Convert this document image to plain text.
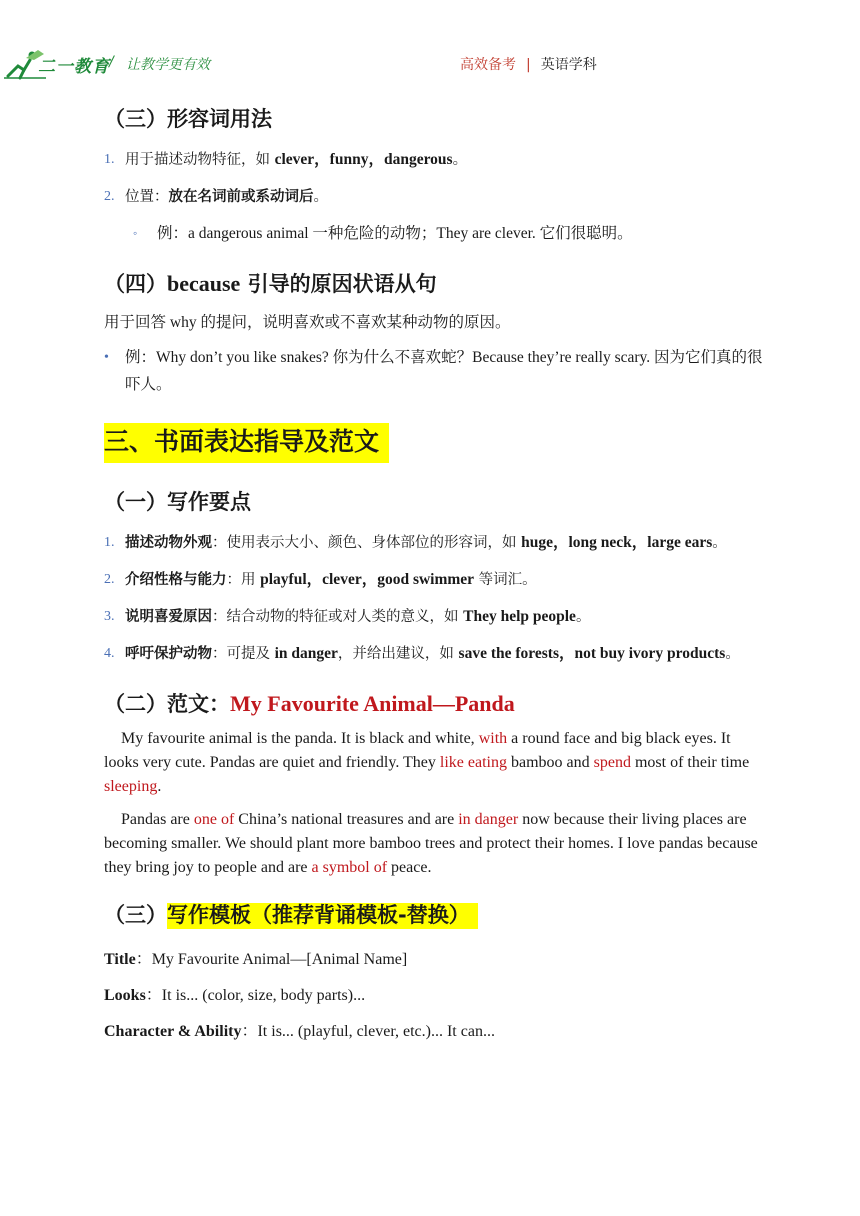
二一教育 / 让教学更有效	高效备考 | 英语学科
（三）形容词用法
1. 用于描述动物特征，如 clever，funny，dangerous。
2. 位置：放在名词前或系动词后。
◦ 例：a dangerous animal 一种危险的动物；They are clever. 它们很聪明。
（四）because 引导的原因状语从句

用于回答 why 的提问，说明喜欢或不喜欢某种动物的原因。

• 例：Why don’t you like snakes? 你为什么不喜欢蛇？Because they’re really scary. 因为它们真的很吓人。
三、书面表达指导及范文
（一）写作要点
1. 描述动物外观：使用表示大小、颜色、身体部位的形容词，如 huge，long neck，large ears。
2. 介绍性格与能力：用 playful，clever，good swimmer 等词汇。
3. 说明喜爱原因：结合动物的特征或对人类的意义，如 They help people。
4. 呼吁保护动物：可提及 in danger，并给出建议，如 save the forests，not buy ivory products。
（二）范文：My Favourite Animal—Panda

My favourite animal is the panda. It is black and white, with a round face and big black eyes. It looks very cute. Pandas are quiet and friendly. They like eating bamboo and spend most of their time sleeping.

Pandas are one of China’s national treasures and are in danger now because their living places are becoming smaller. We should plant more bamboo trees and protect their homes. I love pandas because they bring joy to people and are a symbol of peace.

（三）写作模板（推荐背诵模板-替换）

Title：My Favourite Animal—[Animal Name]

Looks：It is... (color, size, body parts)...

Character & Ability：It is... (playful, clever, etc.)... It can...
